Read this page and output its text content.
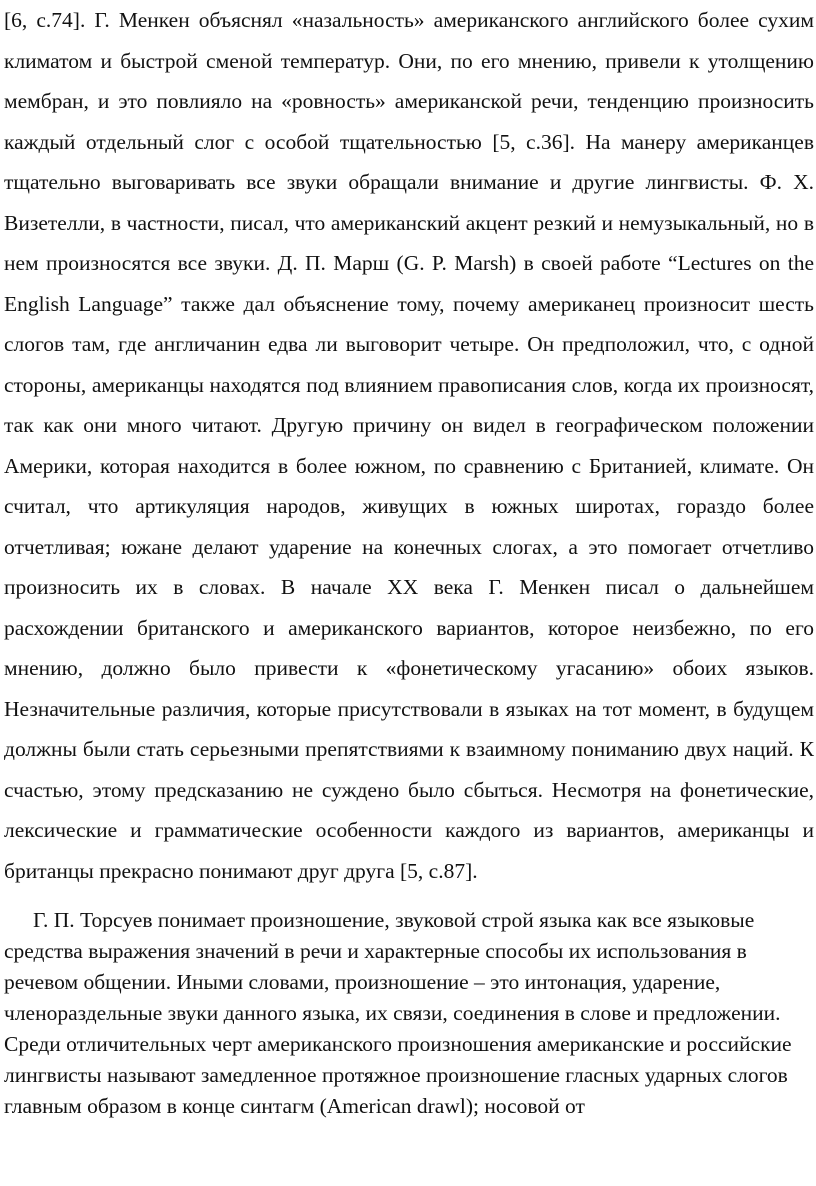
[6, с.74]. Г. Менкен объяснял «назальность» американского английского более сухим климатом и быстрой сменой температур. Они, по его мнению, привели к утолщению мембран, и это повлияло на «ровность» американской речи, тенденцию произносить каждый отдельный слог с особой тщательностью [5, с.36]. На манеру американцев тщательно выговаривать все звуки обращали внимание и другие лингвисты. Ф. Х. Визетелли, в частности, писал, что американский акцент резкий и немузыкальный, но в нем произносятся все звуки. Д. П. Марш (G. P. Marsh) в своей работе “Lectures on the English Language” также дал объяснение тому, почему американец произносит шесть слогов там, где англичанин едва ли выговорит четыре. Он предположил, что, с одной стороны, американцы находятся под влиянием правописания слов, когда их произносят, так как они много читают. Другую причину он видел в географическом положении Америки, которая находится в более южном, по сравнению с Британией, климате. Он считал, что артикуляция народов, живущих в южных широтах, гораздо более отчетливая; южане делают ударение на конечных слогах, а это помогает отчетливо произносить их в словах. В начале XX века Г. Менкен писал о дальнейшем расхождении британского и американского вариантов, которое неизбежно, по его мнению, должно было привести к «фонетическому угасанию» обоих языков. Незначительные различия, которые присутствовали в языках на тот момент, в будущем должны были стать серьезными препятствиями к взаимному пониманию двух наций. К счастью, этому предсказанию не суждено было сбыться. Несмотря на фонетические, лексические и грамматические особенности каждого из вариантов, американцы и британцы прекрасно понимают друг друга [5, с.87].

Г. П. Торсуев понимает произношение, звуковой строй языка как все языковые средства выражения значений в речи и характерные способы их использования в речевом общении. Иными словами, произношение – это интонация, ударение, членораздельные звуки данного языка, их связи, соединения в слове и предложении. Среди отличительных черт американского произношения американские и российские лингвисты называют замедленное протяжное произношение гласных ударных слогов главным образом в конце синтагм (American drawl); носовой от
